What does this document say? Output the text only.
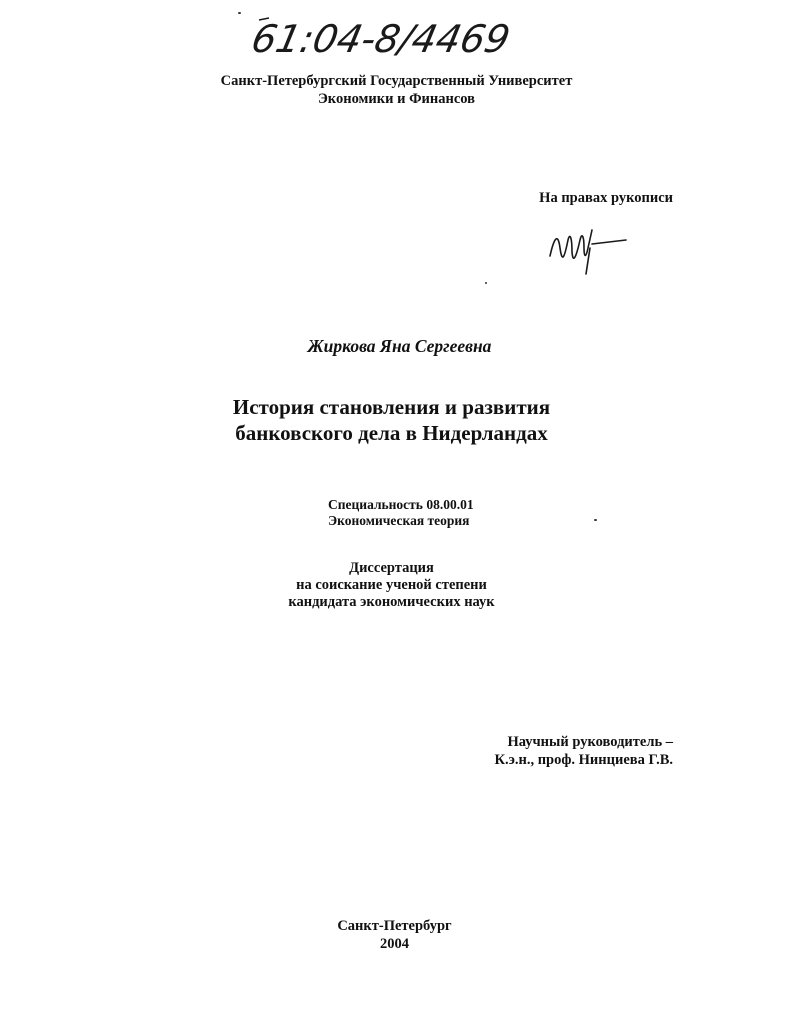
61:04-8/4469
Санкт-Петербургский Государственный Университет
Экономики и Финансов
На правах рукописи
Жиркова Яна Сергеевна
История становления и развития
банковского дела в Нидерландах
Специальность 08.00.01
Экономическая теория
Диссертация
на соискание ученой степени
кандидата экономических наук
Научный руководитель –
К.э.н., проф. Нинциева Г.В.
Санкт-Петербург
2004
